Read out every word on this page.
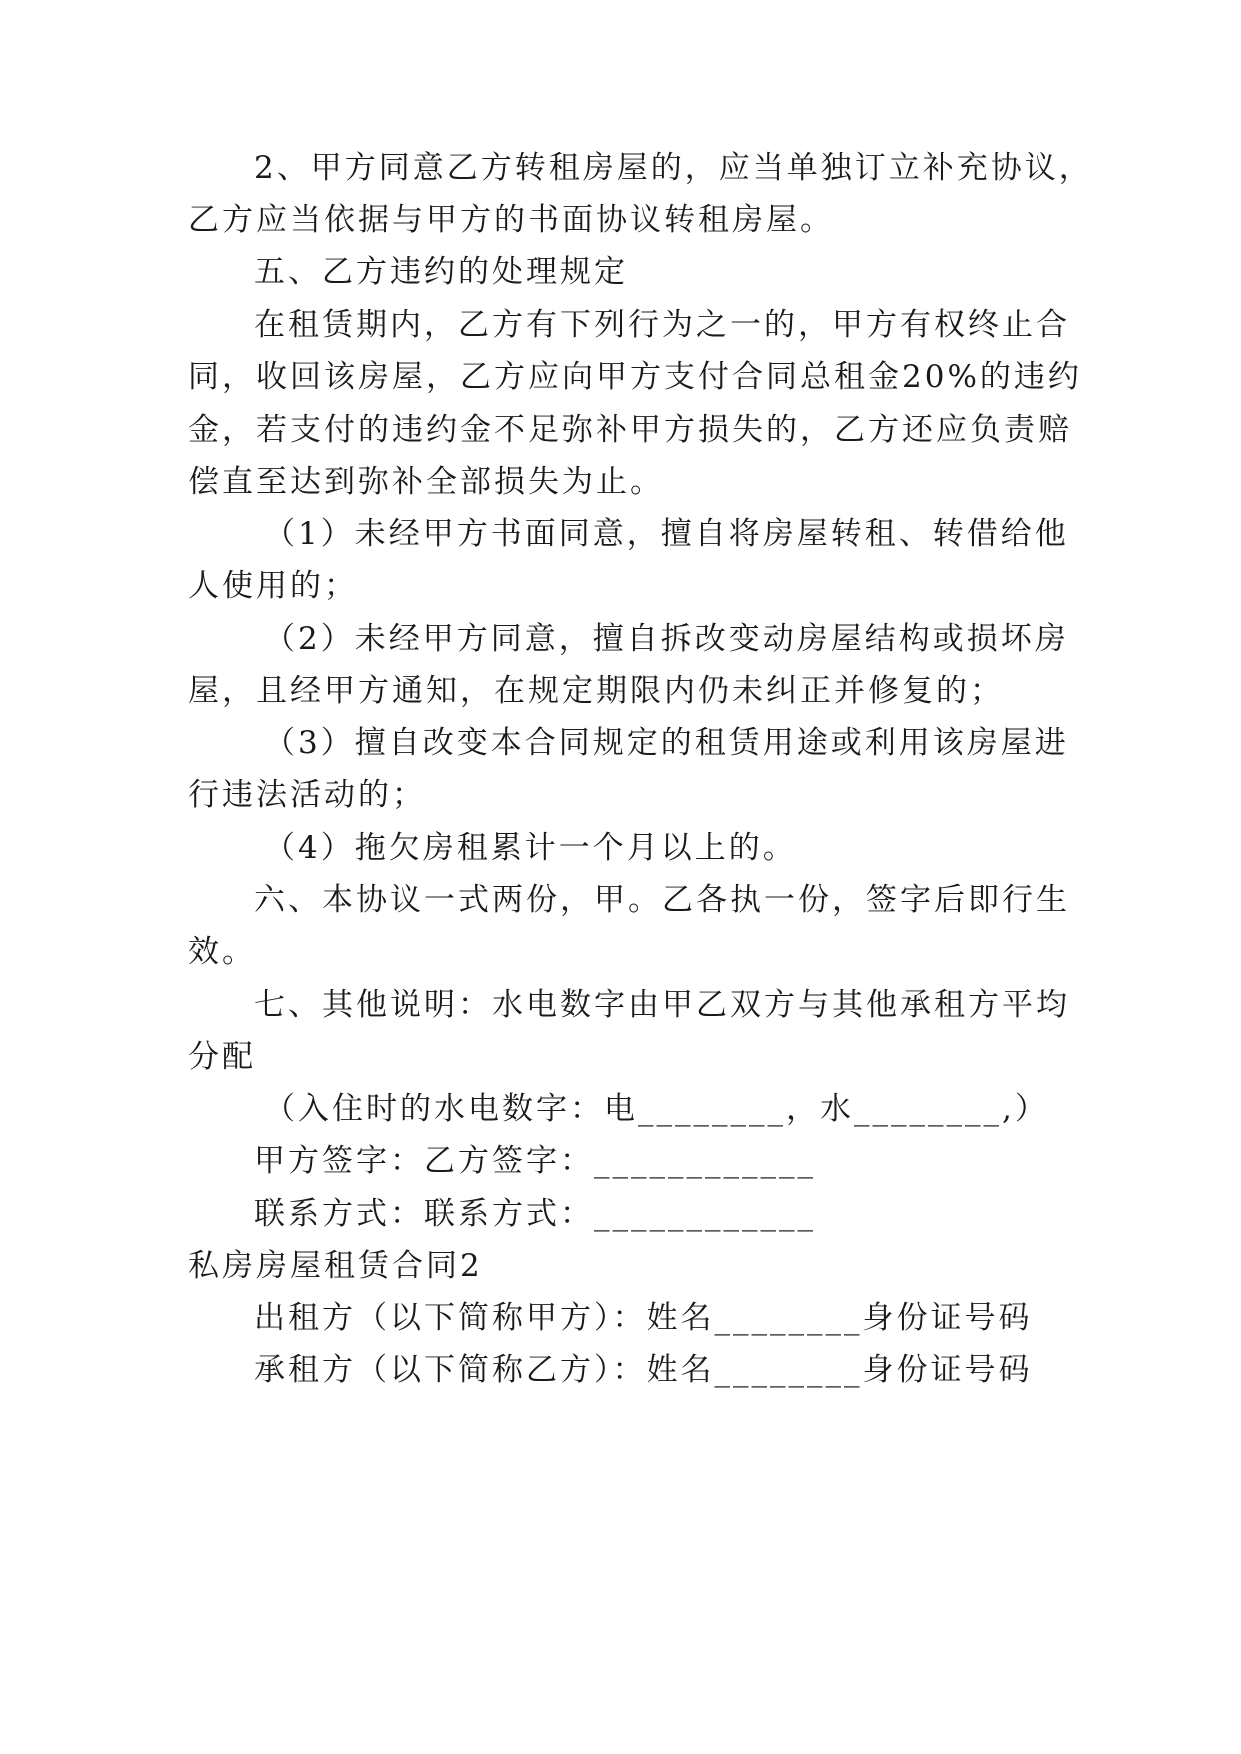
2、甲方同意乙方转租房屋的，应当单独订立补充协议，
乙方应当依据与甲方的书面协议转租房屋。
五、乙方违约的处理规定
在租赁期内，乙方有下列行为之一的，甲方有权终止合
同，收回该房屋，乙方应向甲方支付合同总租金20%的违约
金，若支付的违约金不足弥补甲方损失的，乙方还应负责赔
偿直至达到弥补全部损失为止。
（1）未经甲方书面同意，擅自将房屋转租、转借给他
人使用的；
（2）未经甲方同意，擅自拆改变动房屋结构或损坏房
屋，且经甲方通知，在规定期限内仍未纠正并修复的；
（3）擅自改变本合同规定的租赁用途或利用该房屋进
行违法活动的；
（4）拖欠房租累计一个月以上的。
六、本协议一式两份，甲。乙各执一份，签字后即行生
效。
七、其他说明：水电数字由甲乙双方与其他承租方平均
分配
（入住时的水电数字：电________，水________,）
甲方签字：乙方签字：____________
联系方式：联系方式：____________
私房房屋租赁合同2
出租方（以下简称甲方）：姓名________身份证号码
承租方（以下简称乙方）：姓名________身份证号码
